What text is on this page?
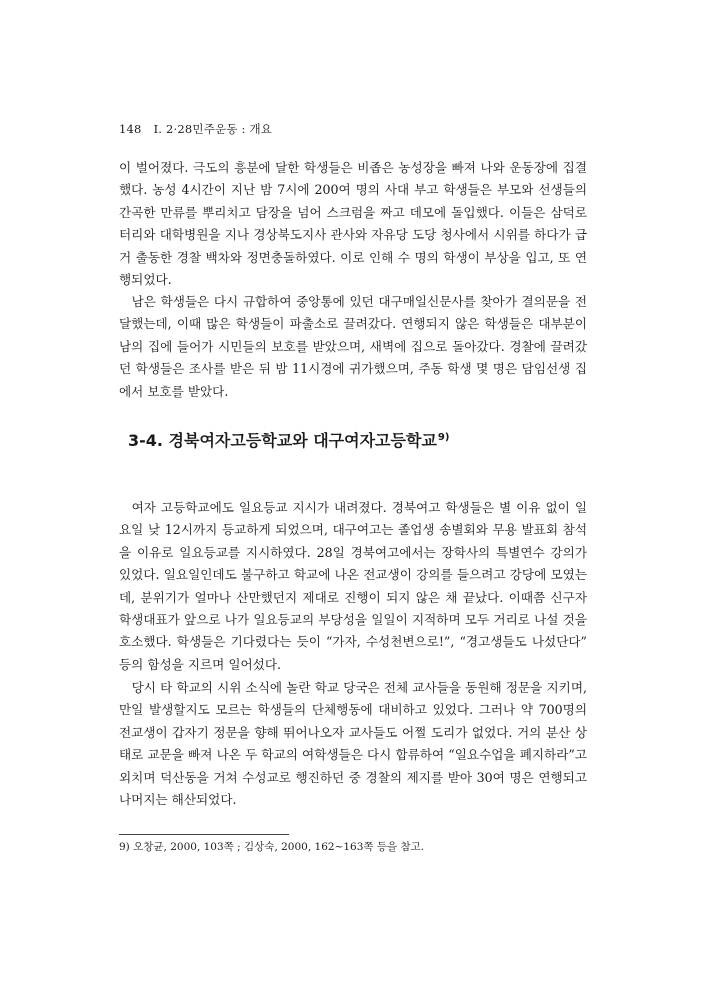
148 Ⅰ. 2·28민주운동 : 개요

이 벌어졌다. 극도의 흥분에 달한 학생들은 비좁은 농성장을 빠져 나와 운동장에 집결했다. 농성 4시간이 지난 밤 7시에 200여 명의 사대 부고 학생들은 부모와 선생들의 간곡한 만류를 뿌리치고 담장을 넘어 스크럼을 짜고 데모에 돌입했다. 이들은 삼덕로터리와 대학병원을 지나 경상북도지사 관사와 자유당 도당 청사에서 시위를 하다가 급거 출동한 경찰 백차와 정면충돌하였다. 이로 인해 수 명의 학생이 부상을 입고, 또 연행되었다.

남은 학생들은 다시 규합하여 중앙통에 있던 대구매일신문사를 찾아가 결의문을 전달했는데, 이때 많은 학생들이 파출소로 끌려갔다. 연행되지 않은 학생들은 대부분이 남의 집에 들어가 시민들의 보호를 받았으며, 새벽에 집으로 돌아갔다. 경찰에 끌려갔던 학생들은 조사를 받은 뒤 밤 11시경에 귀가했으며, 주동 학생 몇 명은 담임선생 집에서 보호를 받았다.

3-4. 경북여자고등학교와 대구여자고등학교$^{9)}$

여자 고등학교에도 일요등교 지시가 내려졌다. 경북여고 학생들은 별 이유 없이 일요일 낮 12시까지 등교하게 되었으며, 대구여고는 졸업생 송별회와 무용 발표회 참석을 이유로 일요등교를 지시하였다. 28일 경북여고에서는 장학사의 특별연수 강의가 있었다. 일요일인데도 불구하고 학교에 나온 전교생이 강의를 들으려고 강당에 모였는데, 분위기가 얼마나 산만했던지 제대로 진행이 되지 않은 채 끝났다. 이때쯤 신구자 학생대표가 앞으로 나가 일요등교의 부당성을 일일이 지적하며 모두 거리로 나설 것을 호소했다. 학생들은 기다렸다는 듯이 “가자, 수성천변으로!”, “경고생들도 나섰단다” 등의 함성을 지르며 일어섰다.

당시 타 학교의 시위 소식에 놀란 학교 당국은 전체 교사들을 동원해 정문을 지키며, 만일 발생할지도 모르는 학생들의 단체행동에 대비하고 있었다. 그러나 약 700명의 전교생이 갑자기 정문을 향해 뛰어나오자 교사들도 어쩔 도리가 없었다. 거의 분산 상태로 교문을 빠져 나온 두 학교의 여학생들은 다시 합류하여 “일요수업을 폐지하라”고 외치며 덕산동을 거쳐 수성교로 행진하던 중 경찰의 제지를 받아 30여 명은 연행되고 나머지는 해산되었다.

9) 오창균, 2000, 103쪽 ; 김상숙, 2000, 162~163쪽 등을 참고.
